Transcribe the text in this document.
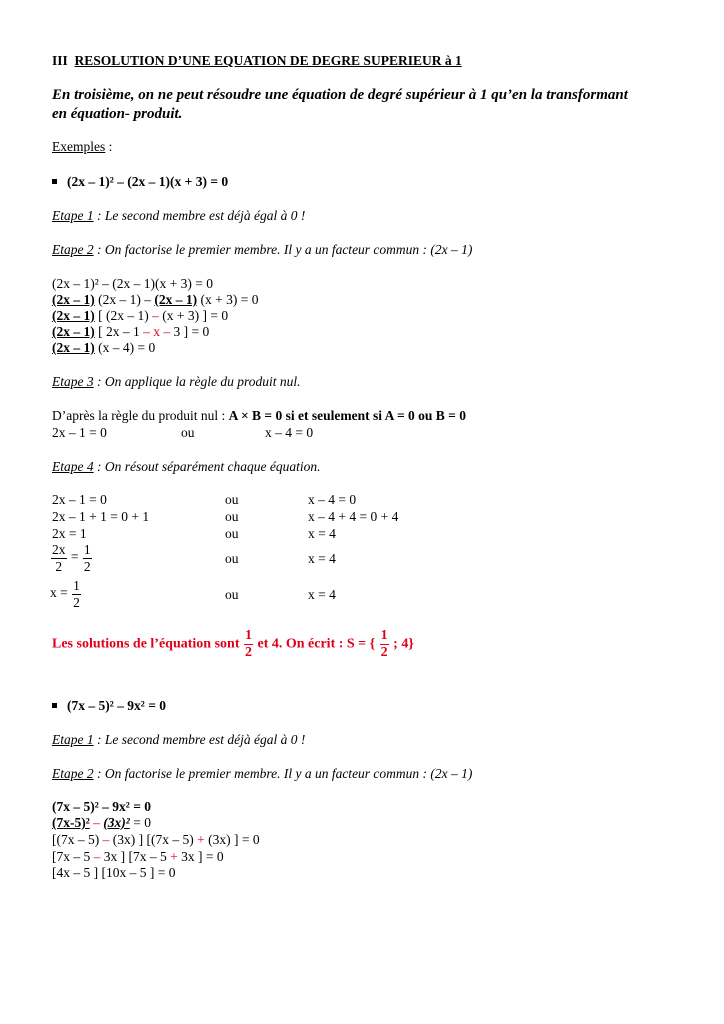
III RESOLUTION D’UNE EQUATION DE DEGRE SUPERIEUR à 1
En troisième, on ne peut résoudre une équation de degré supérieur à 1 qu’en la transformant
en équation- produit.
Exemples :
(2x – 1)² – (2x – 1)(x + 3) = 0
Etape 1 : Le second membre est déjà égal à 0 !
Etape 2 : On factorise le premier membre. Il y a un facteur commun : (2x – 1)
(2x – 1)² – (2x – 1)(x + 3) = 0
(2x – 1) (2x – 1) – (2x – 1) (x + 3) = 0
(2x – 1) [ (2x – 1) – (x + 3) ] = 0
(2x – 1) [ 2x – 1 – x – 3 ] = 0
(2x – 1) (x – 4) = 0
Etape 3 : On applique la règle du produit nul.
D’après la règle du produit nul : A × B = 0 si et seulement si A = 0 ou B = 0
2x – 1 = 0	ou	x – 4 = 0
Etape 4 : On résout séparément chaque équation.
2x – 1 = 0	ou	x – 4 = 0
2x – 1 + 1 = 0 + 1	ou	x – 4 + 4 = 0 + 4
2x = 1	ou	x = 4
$\frac{2x}{2} = \frac{1}{2}$	ou	x = 4
$x = \frac{1}{2}$	ou	x = 4
Les solutions de l’équation sont $\frac{1}{2}$ et 4. On écrit : S = { $\frac{1}{2}$ ; 4}
(7x – 5)² – 9x² = 0
Etape 1 : Le second membre est déjà égal à 0 !
Etape 2 : On factorise le premier membre. Il y a un facteur commun : (2x – 1)
(7x – 5)² – 9x² = 0
(7x-5)² – (3x)² = 0
[(7x – 5) – (3x) ] [(7x – 5) + (3x) ] = 0
[7x – 5 – 3x ] [7x – 5 + 3x ] = 0
[4x – 5 ] [10x – 5 ] = 0
